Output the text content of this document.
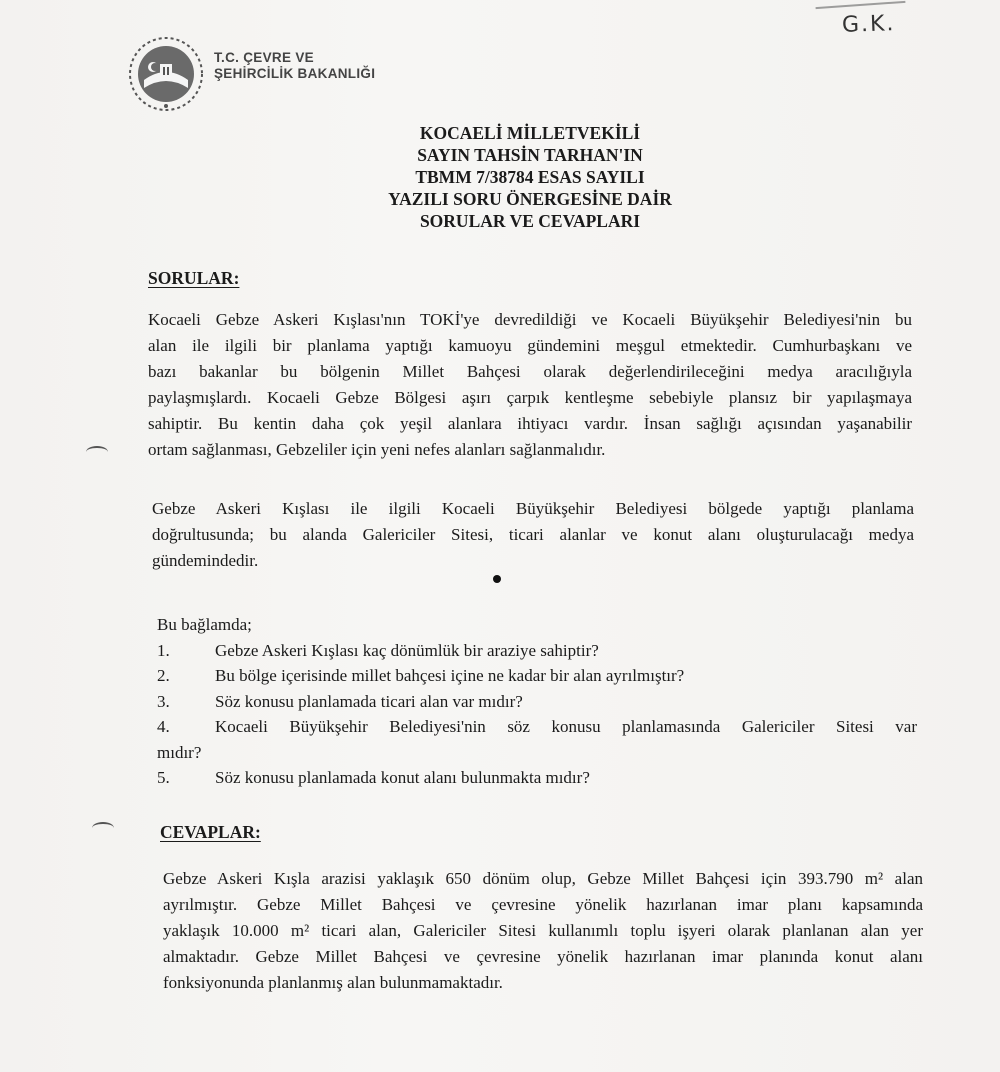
G.K.
T.C. ÇEVRE VE
ŞEHİRCİLİK BAKANLIĞI
KOCAELİ MİLLETVEKİLİ
SAYIN TAHSİN TARHAN'IN
TBMM 7/38784 ESAS SAYILI
YAZILI SORU ÖNERGESİNE DAİR
SORULAR VE CEVAPLARI
SORULAR:
Kocaeli Gebze Askeri Kışlası'nın TOKİ'ye devredildiği ve Kocaeli Büyükşehir Belediyesi'nin bu
alan ile ilgili bir planlama yaptığı kamuoyu gündemini meşgul etmektedir. Cumhurbaşkanı ve
bazı bakanlar bu bölgenin Millet Bahçesi olarak değerlendirileceğini medya aracılığıyla
paylaşmışlardı. Kocaeli Gebze Bölgesi aşırı çarpık kentleşme sebebiyle plansız bir yapılaşmaya
sahiptir. Bu kentin daha çok yeşil alanlara ihtiyacı vardır. İnsan sağlığı açısından yaşanabilir
ortam sağlanması, Gebzeliler için yeni nefes alanları sağlanmalıdır.
Gebze Askeri Kışlası ile ilgili Kocaeli Büyükşehir Belediyesi bölgede yaptığı planlama
doğrultusunda; bu alanda Galericiler Sitesi, ticari alanlar ve konut alanı oluşturulacağı medya
gündemindedir.
Bu bağlamda;
1.	Gebze Askeri Kışlası kaç dönümlük bir araziye sahiptir?
2.	Bu bölge içerisinde millet bahçesi içine ne kadar bir alan ayrılmıştır?
3.	Söz konusu planlamada ticari alan var mıdır?
4.	Kocaeli Büyükşehir Belediyesi'nin söz konusu planlamasında Galericiler Sitesi var
mıdır?
5.	Söz konusu planlamada konut alanı bulunmakta mıdır?
CEVAPLAR:
Gebze Askeri Kışla arazisi yaklaşık 650 dönüm olup, Gebze Millet Bahçesi için 393.790 m² alan
ayrılmıştır. Gebze Millet Bahçesi ve çevresine yönelik hazırlanan imar planı kapsamında
yaklaşık 10.000 m² ticari alan, Galericiler Sitesi kullanımlı toplu işyeri olarak planlanan alan yer
almaktadır. Gebze Millet Bahçesi ve çevresine yönelik hazırlanan imar planında konut alanı
fonksiyonunda planlanmış alan bulunmamaktadır.
